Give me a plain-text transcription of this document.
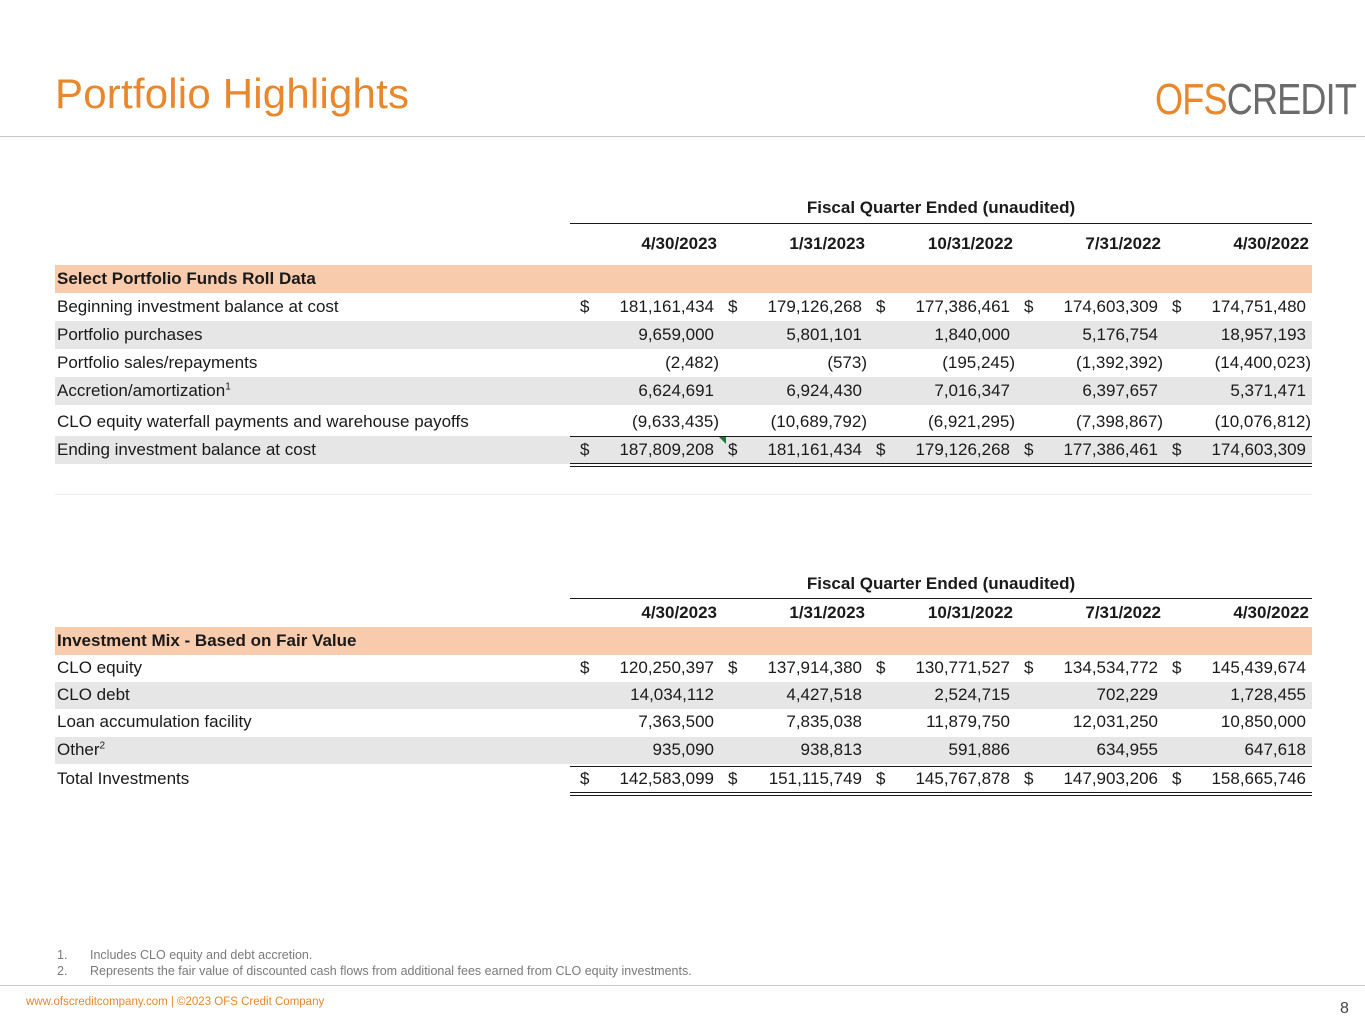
Portfolio Highlights	OFSCREDIT
Fiscal Quarter Ended (unaudited)
4/30/2023	1/31/2023	10/31/2022	7/31/2022	4/30/2022
Select Portfolio Funds Roll Data
Beginning investment balance at cost	$ 181,161,434 $ 179,126,268 $ 177,386,461 $ 174,603,309 $ 174,751,480
Portfolio purchases	9,659,000	5,801,101	1,840,000	5,176,754	18,957,193
Portfolio sales/repayments	(2,482)	(573)	(195,245)	(1,392,392)	(14,400,023)
Accretion/amortization$^1$	6,624,691	6,924,430	7,016,347	6,397,657	5,371,471
CLO equity waterfall payments and warehouse payoffs	(9,633,435)	(10,689,792)	(6,921,295)	(7,398,867)	(10,076,812)
Ending investment balance at cost	$ 187,809,208 $ 181,161,434 $ 179,126,268 $ 177,386,461 $ 174,603,309
Fiscal Quarter Ended (unaudited)
4/30/2023	1/31/2023	10/31/2022	7/31/2022	4/30/2022
Investment Mix - Based on Fair Value
CLO equity	$ 120,250,397 $ 137,914,380 $ 130,771,527 $ 134,534,772 $ 145,439,674
CLO debt	14,034,112	4,427,518	2,524,715	702,229	1,728,455
Loan accumulation facility	7,363,500	7,835,038	11,879,750	12,031,250	10,850,000
Other$^2$	935,090	938,813	591,886	634,955	647,618
Total Investments	$ 142,583,099 $ 151,115,749 $ 145,767,878 $ 147,903,206 $ 158,665,746
1. Includes CLO equity and debt accretion.
2. Represents the fair value of discounted cash flows from additional fees earned from CLO equity investments.
www.ofscreditcompany.com | ©2023 OFS Credit Company	8
